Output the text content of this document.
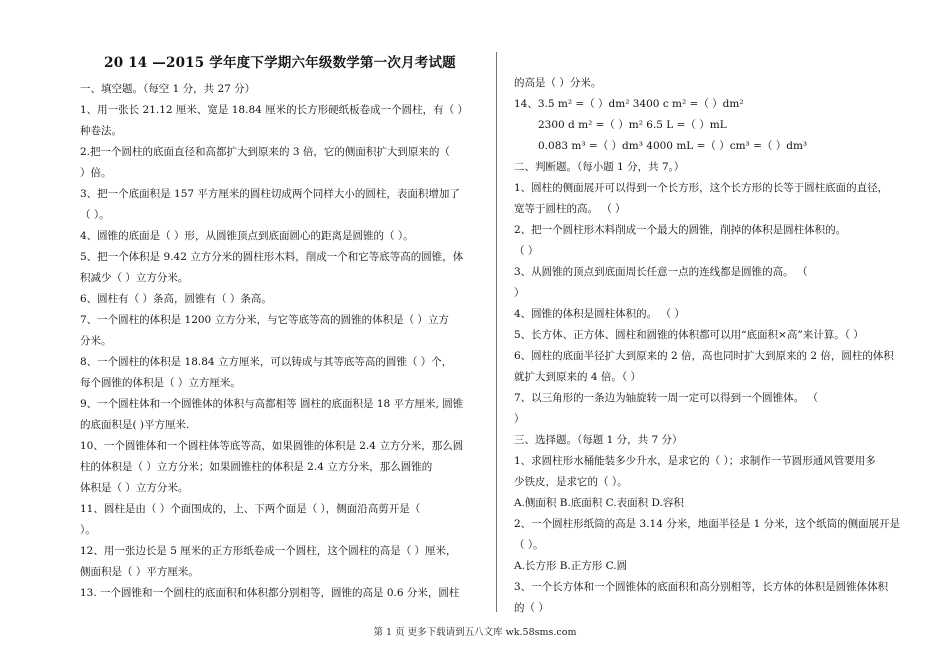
20 14 —2015 学年度下学期六年级数学第一次月考试题
一、填空题。（每空 1 分，共 27 分）
1、用一张长 21.12 厘米、宽是 18.84 厘米的长方形硬纸板卷成一个圆柱，有（ ）
种卷法。
2.把一个圆柱的底面直径和高都扩大到原来的 3 倍，它的侧面积扩大到原来的（
）倍。
3、把一个底面积是 157 平方厘米的圆柱切成两个同样大小的圆柱，表面积增加了
（ ）。
4、圆锥的底面是（ ）形，从圆锥顶点到底面圆心的距离是圆锥的（ ）。
5、把一个体积是 9.42 立方分米的圆柱形木料，削成一个和它等底等高的圆锥，体
积减少（ ）立方分米。
6、圆柱有（ ）条高，圆锥有（ ）条高。
7、一个圆柱的体积是 1200 立方分米，与它等底等高的圆锥的体积是（ ）立方
分米。
8、一个圆柱的体积是 18.84 立方厘米，可以铸成与其等底等高的圆锥（ ）个，
每个圆锥的体积是（ ）立方厘米。
9、一个圆柱体和一个圆锥体的体积与高都相等 圆柱的底面积是 18 平方厘米, 圆锥
的底面积是( )平方厘米.
10、一个圆锥体和一个圆柱体等底等高，如果圆锥的体积是 2.4 立方分米，那么圆
柱的体积是（ ）立方分米；如果圆锥柱的体积是 2.4 立方分米，那么圆锥的
体积是（ ）立方分米。
11、圆柱是由（ ）个面围成的，上、下两个面是（ ），侧面沿高剪开是（
）。
12、用一张边长是 5 厘米的正方形纸卷成一个圆柱，这个圆柱的高是（ ）厘米，
侧面积是（ ）平方厘米。
13. 一个圆锥和一个圆柱的底面积和体积都分别相等，圆锥的高是 0.6 分米，圆柱
的高是（ ）分米。
14、3.5 m² =（ ）dm² 3400 c m² =（ ）dm²
2300 d m² =（ ）m² 6.5 L =（ ）mL
0.083 m³ =（ ）dm³ 4000 mL =（ ）cm³ =（ ）dm³
二、判断题。（每小题 1 分，共 7。）
1、圆柱的侧面展开可以得到一个长方形，这个长方形的长等于圆柱底面的直径，
宽等于圆柱的高。 （ ）
2、把一个圆柱形木料削成一个最大的圆锥，削掉的体积是圆柱体积的。
（ ）
3、从圆锥的顶点到底面周长任意一点的连线都是圆锥的高。 （
）
4、圆锥的体积是圆柱体积的。 （ ）
5、长方体、正方体、圆柱和圆锥的体积都可以用“底面积×高”来计算。（ ）
6、圆柱的底面半径扩大到原来的 2 倍，高也同时扩大到原来的 2 倍，圆柱的体积
就扩大到原来的 4 倍。（ ）
7、以三角形的一条边为轴旋转一周一定可以得到一个圆锥体。 （
）
三、选择题。（每题 1 分，共 7 分）
1、求圆柱形水桶能装多少升水，是求它的（ ）；求制作一节圆形通风管要用多
少铁皮，是求它的（ ）。
A.侧面积 B.底面积 C.表面积 D.容积
2、一个圆柱形纸筒的高是 3.14 分米，地面半径是 1 分米，这个纸筒的侧面展开是
（ ）。
A.长方形 B.正方形 C.圆
3、一个长方体和一个圆锥体的底面积和高分别相等，长方体的体积是圆锥体体积
的（ ）
第 1 页 更多下载请到五八文库 wk.58sms.com
